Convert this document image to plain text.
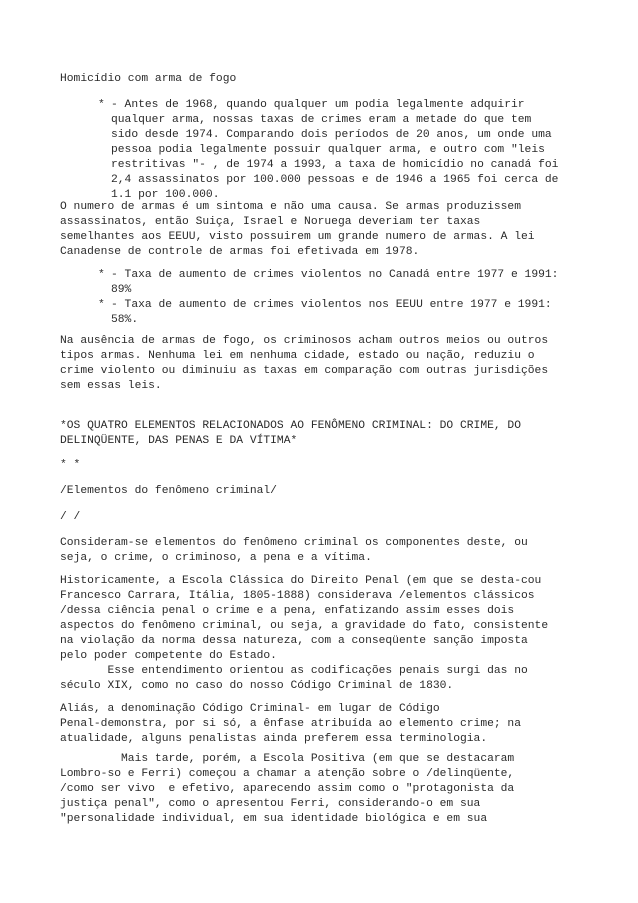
Homicídio com arma de fogo
* - Antes de 1968, quando qualquer um podia legalmente adquirir
qualquer arma, nossas taxas de crimes eram a metade do que tem
sido desde 1974. Comparando dois períodos de 20 anos, um onde uma
pessoa podia legalmente possuir qualquer arma, e outro com "leis
restritivas "- , de 1974 a 1993, a taxa de homicídio no canadá foi
2,4 assassinatos por 100.000 pessoas e de 1946 a 1965 foi cerca de
1.1 por 100.000.
O numero de armas é um sintoma e não uma causa. Se armas produzissem
assassinatos, então Suiça, Israel e Noruega deveriam ter taxas
semelhantes aos EEUU, visto possuirem um grande numero de armas. A lei
Canadense de controle de armas foi efetivada em 1978.
* - Taxa de aumento de crimes violentos no Canadá entre 1977 e 1991:
89%
* - Taxa de aumento de crimes violentos nos EEUU entre 1977 e 1991:
58%.
Na ausência de armas de fogo, os criminosos acham outros meios ou outros
tipos armas. Nenhuma lei em nenhuma cidade, estado ou nação, reduziu o
crime violento ou diminuiu as taxas em comparação com outras jurisdições
sem essas leis.
*OS QUATRO ELEMENTOS RELACIONADOS AO FENÔMENO CRIMINAL: DO CRIME, DO
DELINQÜENTE, DAS PENAS E DA VÍTIMA*
* *
/Elementos do fenômeno criminal/
/ /
Consideram-se elementos do fenômeno criminal os componentes deste, ou
seja, o crime, o criminoso, a pena e a vítima.
Historicamente, a Escola Clássica do Direito Penal (em que se desta-cou
Francesco Carrara, Itália, 1805-1888) considerava /elementos clássicos
/dessa ciência penal o crime e a pena, enfatizando assim esses dois
aspectos do fenômeno criminal, ou seja, a gravidade do fato, consistente
na violação da norma dessa natureza, com a conseqüente sanção imposta
pelo poder competente do Estado.
Esse entendimento orientou as codificações penais surgi das no
século XIX, como no caso do nosso Código Criminal de 1830.
Aliás, a denominação Código Criminal- em lugar de Código
Penal-demonstra, por si só, a ênfase atribuída ao elemento crime; na
atualidade, alguns penalistas ainda preferem essa terminologia.
Mais tarde, porém, a Escola Positiva (em que se destacaram
Lombro-so e Ferri) começou a chamar a atenção sobre o /delinqüente,
/como ser vivo  e efetivo, aparecendo assim como o "protagonista da
justiça penal", como o apresentou Ferri, considerando-o em sua
"personalidade individual, em sua identidade biológica e em sua
